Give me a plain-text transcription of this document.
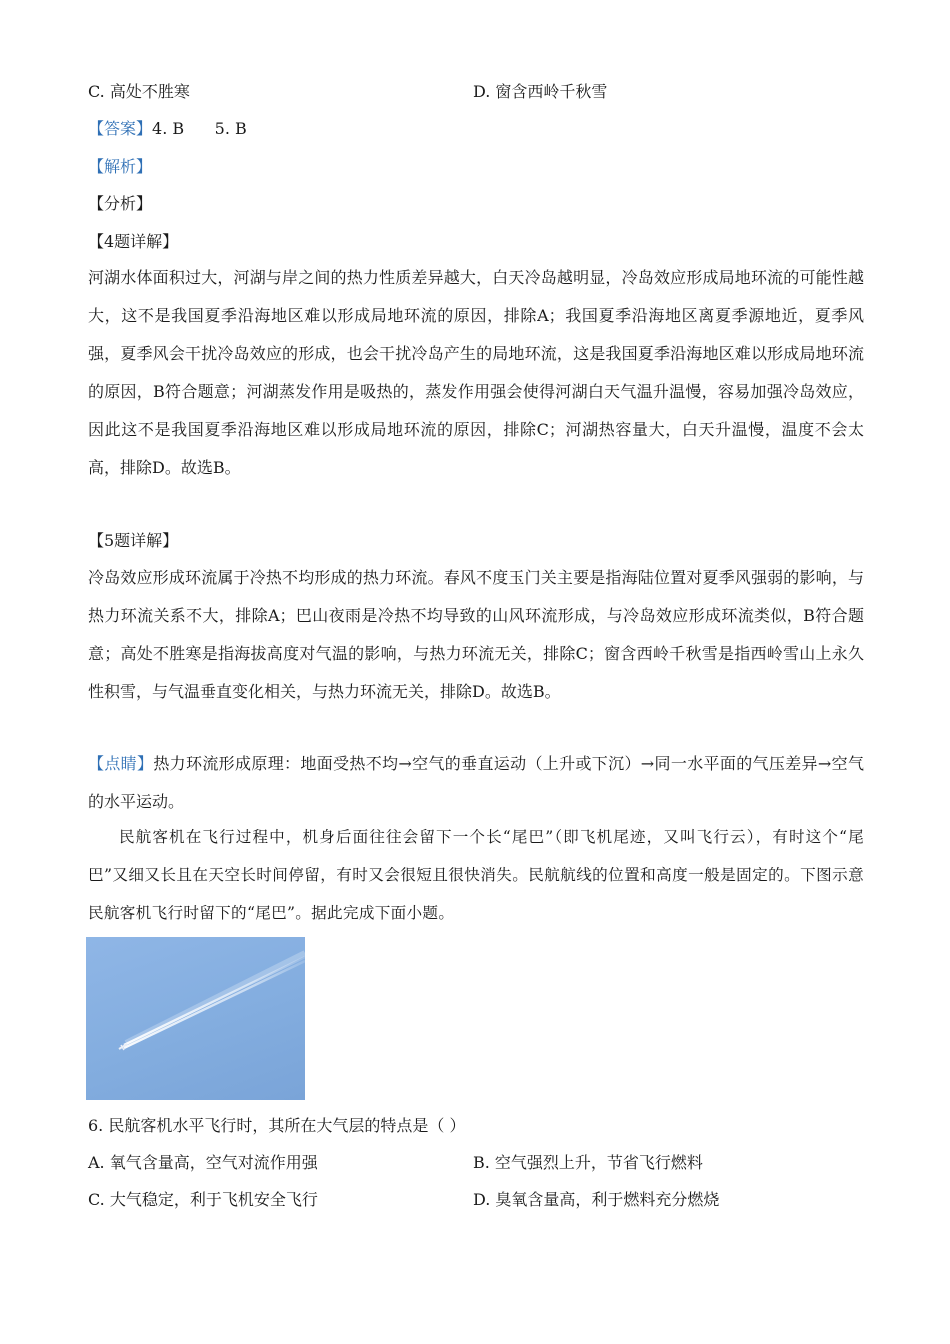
C. 高处不胜寒	D. 窗含西岭千秋雪
【答案】4. B      5. B
【解析】
【分析】
【4题详解】
河湖水体面积过大，河湖与岸之间的热力性质差异越大，白天冷岛越明显，冷岛效应形成局地环流的可能性越大，这不是我国夏季沿海地区难以形成局地环流的原因，排除A；我国夏季沿海地区离夏季源地近，夏季风强，夏季风会干扰冷岛效应的形成，也会干扰冷岛产生的局地环流，这是我国夏季沿海地区难以形成局地环流的原因，B符合题意；河湖蒸发作用是吸热的，蒸发作用强会使得河湖白天气温升温慢，容易加强冷岛效应，因此这不是我国夏季沿海地区难以形成局地环流的原因，排除C；河湖热容量大，白天升温慢，温度不会太高，排除D。故选B。
【5题详解】
冷岛效应形成环流属于冷热不均形成的热力环流。春风不度玉门关主要是指海陆位置对夏季风强弱的影响，与热力环流关系不大，排除A；巴山夜雨是冷热不均导致的山风环流形成，与冷岛效应形成环流类似，B符合题意；高处不胜寒是指海拔高度对气温的影响，与热力环流无关，排除C；窗含西岭千秋雪是指西岭雪山上永久性积雪，与气温垂直变化相关，与热力环流无关，排除D。故选B。
【点睛】热力环流形成原理：地面受热不均→空气的垂直运动（上升或下沉）→同一水平面的气压差异→空气的水平运动。
民航客机在飞行过程中，机身后面往往会留下一个长“尾巴”（即飞机尾迹，又叫飞行云），有时这个“尾巴”又细又长且在天空长时间停留，有时又会很短且很快消失。民航航线的位置和高度一般是固定的。下图示意民航客机飞行时留下的“尾巴”。据此完成下面小题。
6. 民航客机水平飞行时，其所在大气层的特点是（ ）
A. 氧气含量高，空气对流作用强	B. 空气强烈上升，节省飞行燃料
C. 大气稳定，利于飞机安全飞行	D. 臭氧含量高，利于燃料充分燃烧
